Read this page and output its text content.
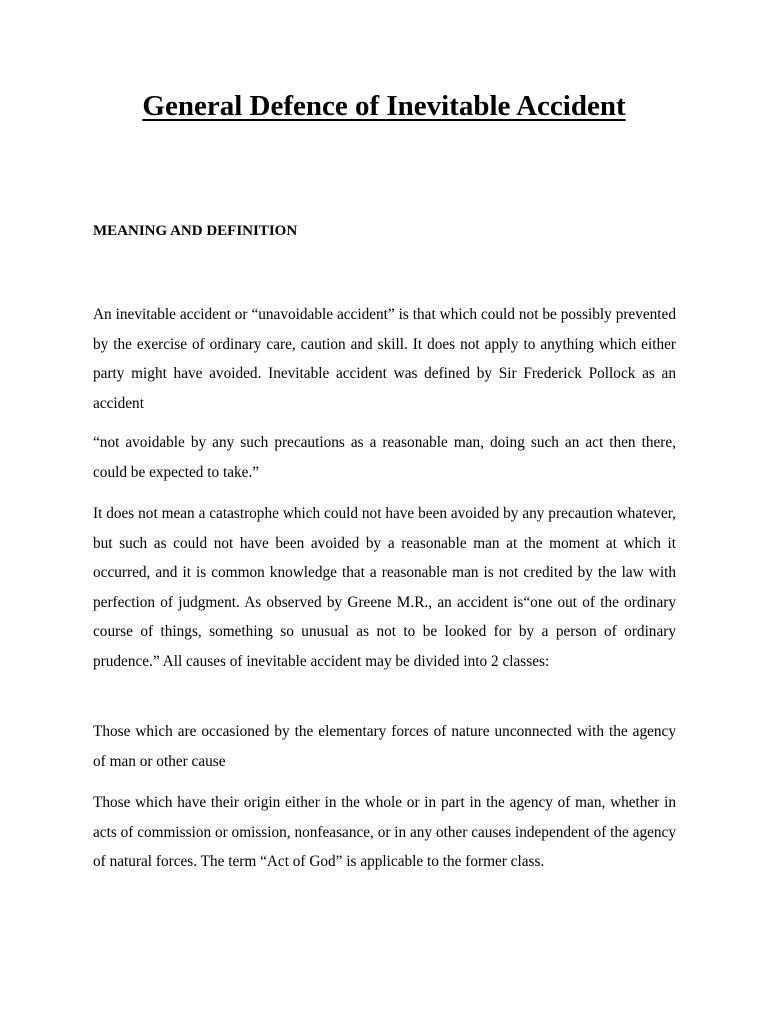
General Defence of Inevitable Accident
MEANING AND DEFINITION

An inevitable accident or “unavoidable accident” is that which could not be possibly prevented by the exercise of ordinary care, caution and skill. It does not apply to anything which either party might have avoided. Inevitable accident was defined by Sir Frederick Pollock as an accident

“not avoidable by any such precautions as a reasonable man, doing such an act then there, could be expected to take.”

It does not mean a catastrophe which could not have been avoided by any precaution whatever, but such as could not have been avoided by a reasonable man at the moment at which it occurred, and it is common knowledge that a reasonable man is not credited by the law with perfection of judgment. As observed by Greene M.R., an accident is“one out of the ordinary course of things, something so unusual as not to be looked for by a person of ordinary prudence.” All causes of inevitable accident may be divided into 2 classes:

Those which are occasioned by the elementary forces of nature unconnected with the agency of man or other cause

Those which have their origin either in the whole or in part in the agency of man, whether in acts of commission or omission, nonfeasance, or in any other causes independent of the agency of natural forces. The term “Act of God” is applicable to the former class.
